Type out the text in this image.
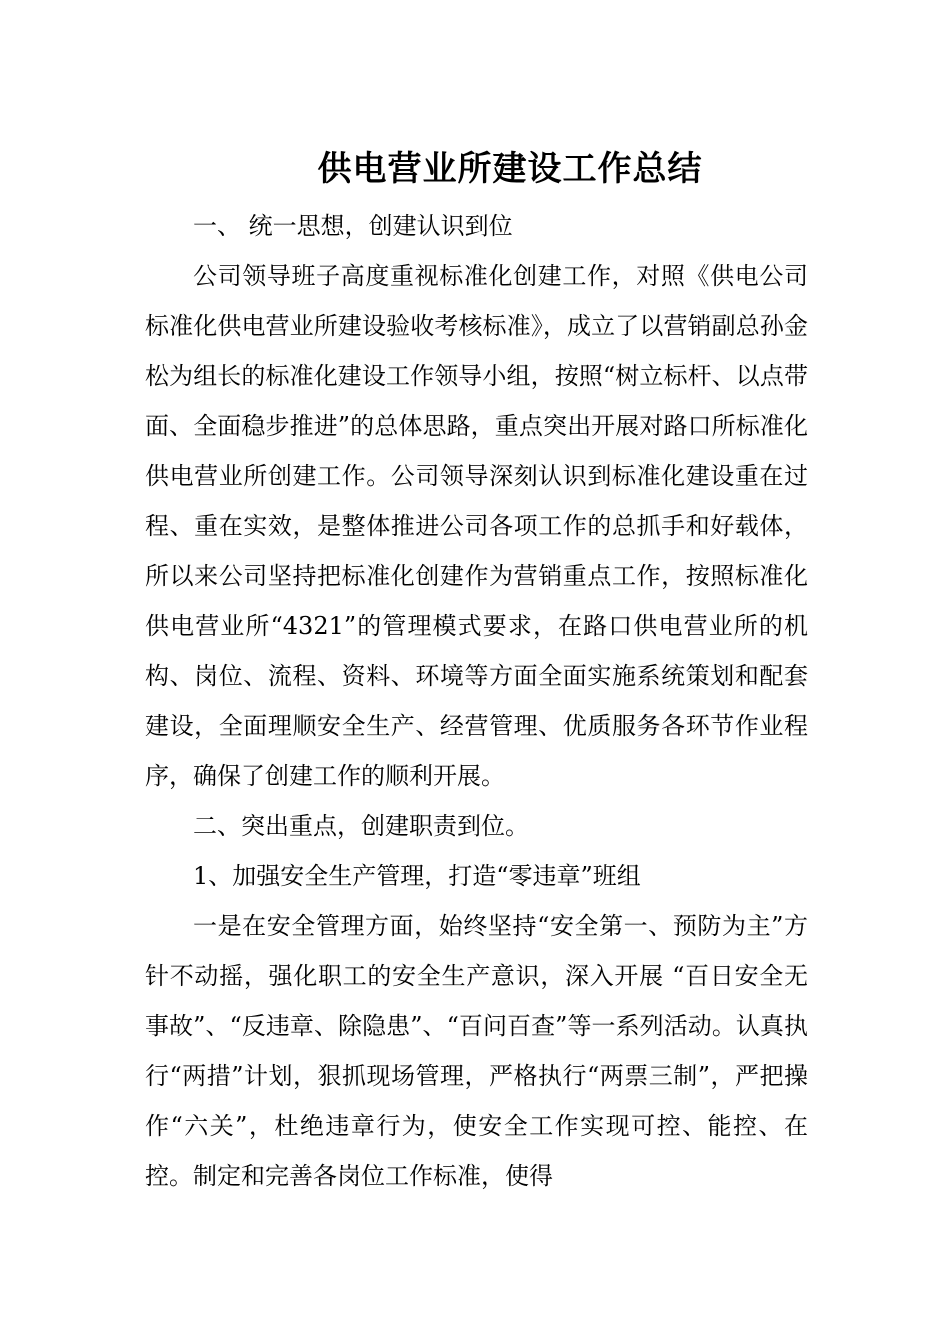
供电营业所建设工作总结

一、 统一思想，创建认识到位

公司领导班子高度重视标准化创建工作，对照《供电公司标准化供电营业所建设验收考核标准》，成立了以营销副总孙金松为组长的标准化建设工作领导小组，按照“树立标杆、以点带面、全面稳步推进”的总体思路，重点突出开展对路口所标准化供电营业所创建工作。公司领导深刻认识到标准化建设重在过程、重在实效，是整体推进公司各项工作的总抓手和好载体，所以来公司坚持把标准化创建作为营销重点工作，按照标准化供电营业所“4321”的管理模式要求，在路口供电营业所的机构、岗位、流程、资料、环境等方面全面实施系统策划和配套建设，全面理顺安全生产、经营管理、优质服务各环节作业程序，确保了创建工作的顺利开展。

二、突出重点，创建职责到位。

1、加强安全生产管理，打造“零违章”班组

一是在安全管理方面，始终坚持“安全第一、预防为主”方针不动摇，强化职工的安全生产意识，深入开展 “百日安全无事故”、“反违章、除隐患”、“百问百查”等一系列活动。认真执行“两措”计划，狠抓现场管理，严格执行“两票三制”，严把操作“六关”，杜绝违章行为，使安全工作实现可控、能控、在控。制定和完善各岗位工作标准，使得
